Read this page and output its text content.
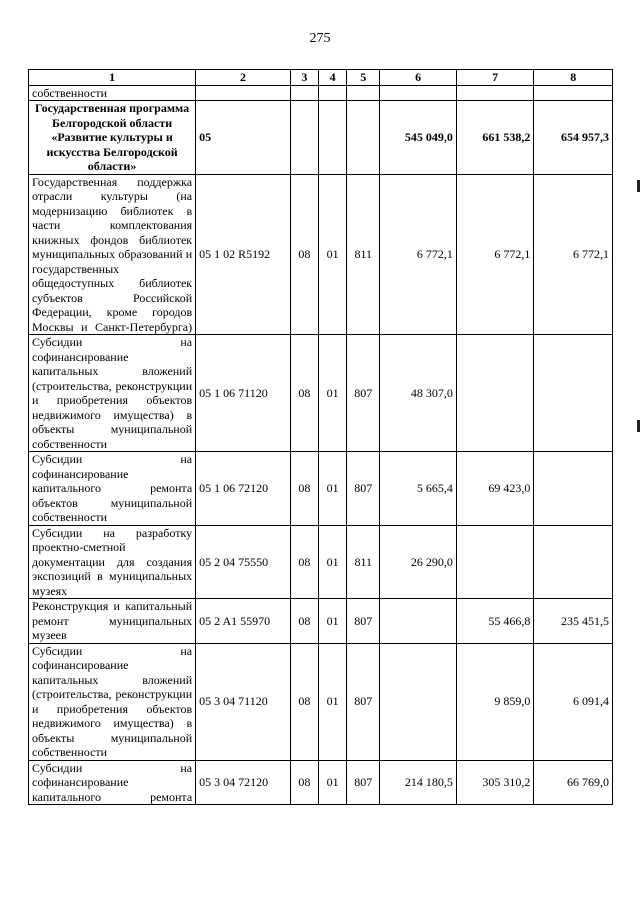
275
1	2	3	4	5	6	7	8
собственности							
Государственная программа Белгородской области «Развитие культуры и искусства Белгородской области»	05				545 049,0	661 538,2	654 957,3
Государственная поддержка отрасли культуры (на модернизацию библиотек в части комплектования книжных фондов библиотек муниципальных образований и государственных общедоступных библиотек субъектов Российской Федерации, кроме городов Москвы и Санкт-Петербурга)	05 1 02 R5192	08	01	811	6 772,1	6 772,1	6 772,1
Субсидии на софинансирование капитальных вложений (строительства, реконструкции и приобретения объектов недвижимого имущества) в объекты муниципальной собственности	05 1 06 71120	08	01	807	48 307,0		
Субсидии на софинансирование капитального ремонта объектов муниципальной собственности	05 1 06 72120	08	01	807	5 665,4	69 423,0	
Субсидии на разработку проектно-сметной документации для создания экспозиций в муниципальных музеях	05 2 04 75550	08	01	811	26 290,0		
Реконструкция и капитальный ремонт муниципальных музеев	05 2 A1 55970	08	01	807		55 466,8	235 451,5
Субсидии на софинансирование капитальных вложений (строительства, реконструкции и приобретения объектов недвижимого имущества) в объекты муниципальной собственности	05 3 04 71120	08	01	807		9 859,0	6 091,4
Субсидии на софинансирование капитального ремонта	05 3 04 72120	08	01	807	214 180,5	305 310,2	66 769,0
